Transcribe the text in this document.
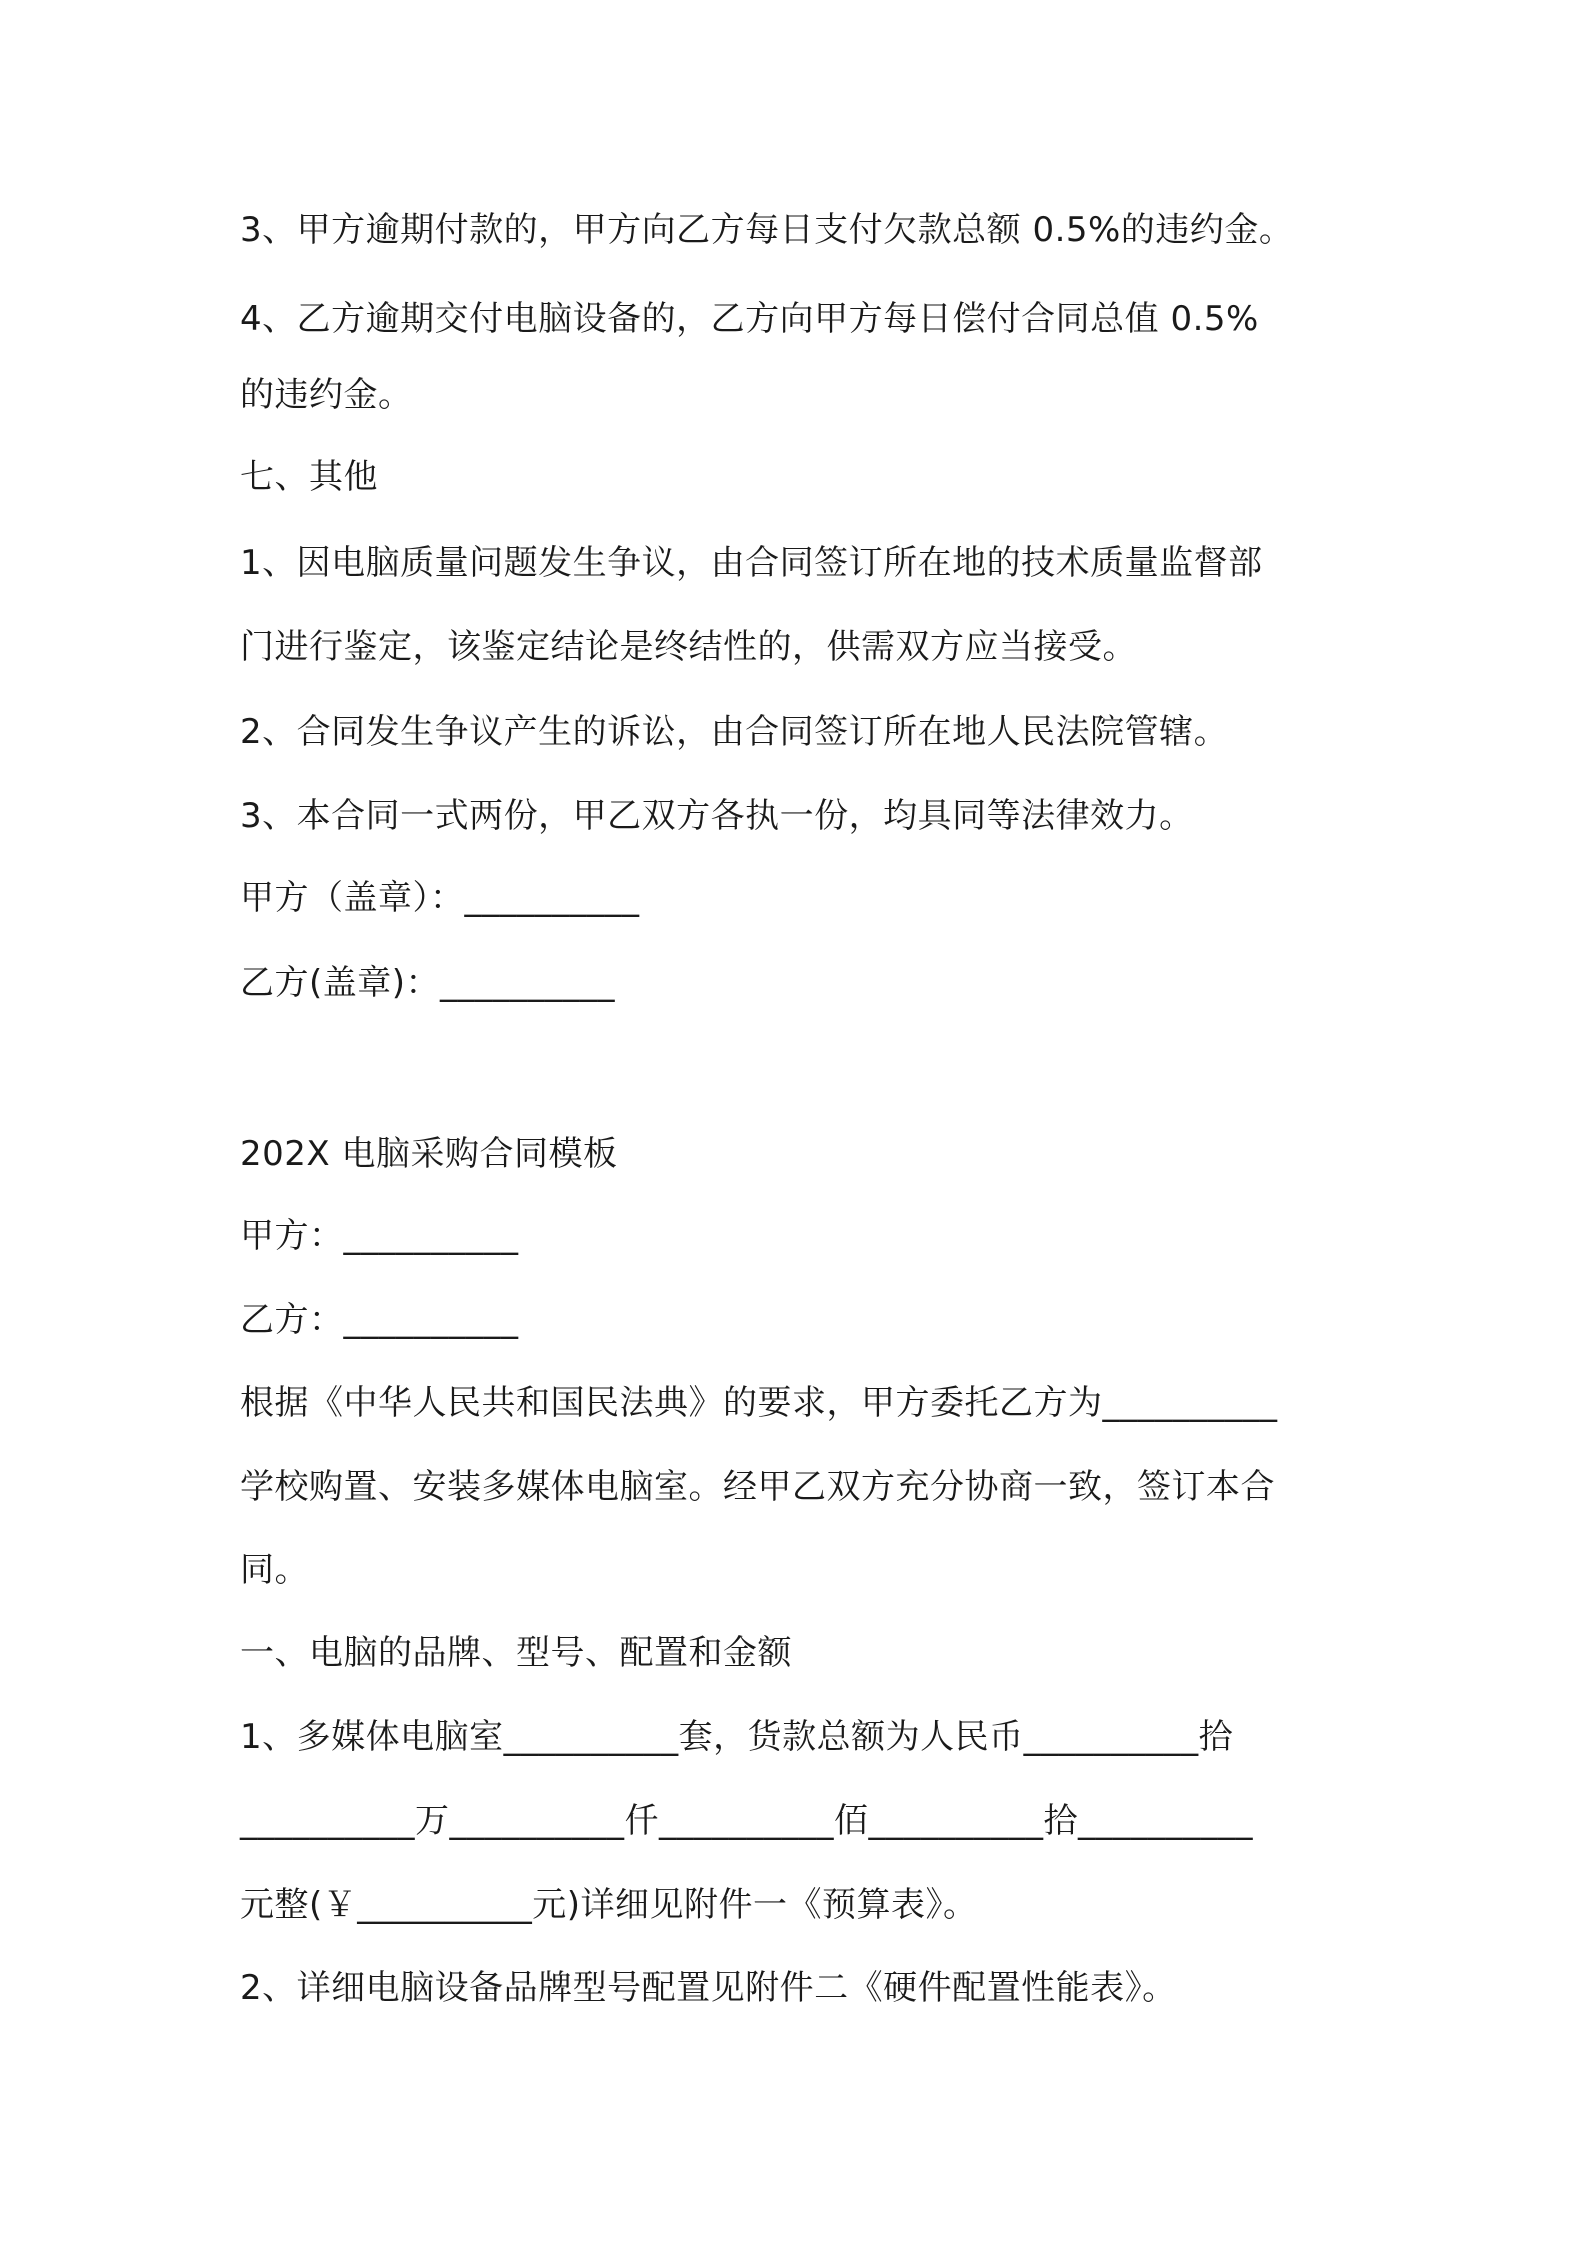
3、甲方逾期付款的，甲方向乙方每日支付欠款总额 0.5%的违约金。
4、乙方逾期交付电脑设备的，乙方向甲方每日偿付合同总值 0.5%
的违约金。
七、其他
1、因电脑质量问题发生争议，由合同签订所在地的技术质量监督部
门进行鉴定，该鉴定结论是终结性的，供需双方应当接受。
2、合同发生争议产生的诉讼，由合同签订所在地人民法院管辖。
3、本合同一式两份，甲乙双方各执一份，均具同等法律效力。
甲方（盖章）：__________
乙方(盖章)：__________
202X 电脑采购合同模板
甲方：__________
乙方：__________
根据《中华人民共和国民法典》的要求，甲方委托乙方为__________
学校购置、安装多媒体电脑室。经甲乙双方充分协商一致，签订本合
同。
一、电脑的品牌、型号、配置和金额
1、多媒体电脑室__________套，货款总额为人民币__________拾
__________万__________仟__________佰__________拾__________
元整(￥__________元)详细见附件一《预算表》。
2、详细电脑设备品牌型号配置见附件二《硬件配置性能表》。
